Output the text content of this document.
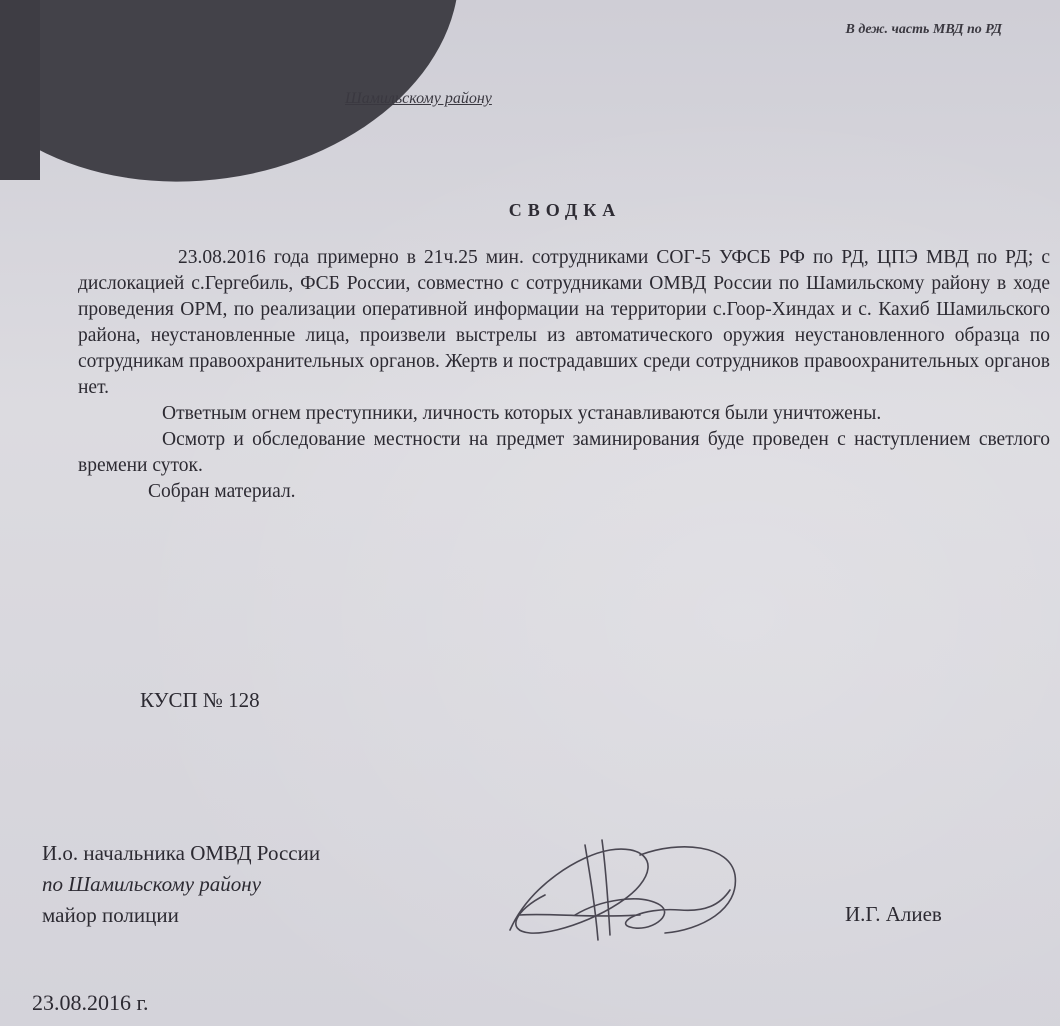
В деж. часть МВД по РД
Шамильскому району
СВОДКА

23.08.2016 года примерно в 21ч.25 мин. сотрудниками СОГ-5 УФСБ РФ по РД, ЦПЭ МВД по РД; с дислокацией с.Гергебиль, ФСБ России, совместно с сотрудниками ОМВД России по Шамильскому району в ходе проведения ОРМ, по реализации оперативной информации на территории с.Гоор-Хиндах и с. Кахиб Шамильского района, неустановленные лица, произвели выстрелы из автоматического оружия неустановленного образца по сотрудникам правоохранительных органов. Жертв и пострадавших среди сотрудников правоохранительных органов нет.

Ответным огнем преступники, личность которых устанавливаются были уничтожены.

Осмотр и обследование местности на предмет заминирования буде проведен с наступлением светлого времени суток.

Собран материал.

КУСП № 128
И.о. начальника ОМВД России
по Шамильскому району
майор полиции	И.Г. Алиев
23.08.2016 г.
